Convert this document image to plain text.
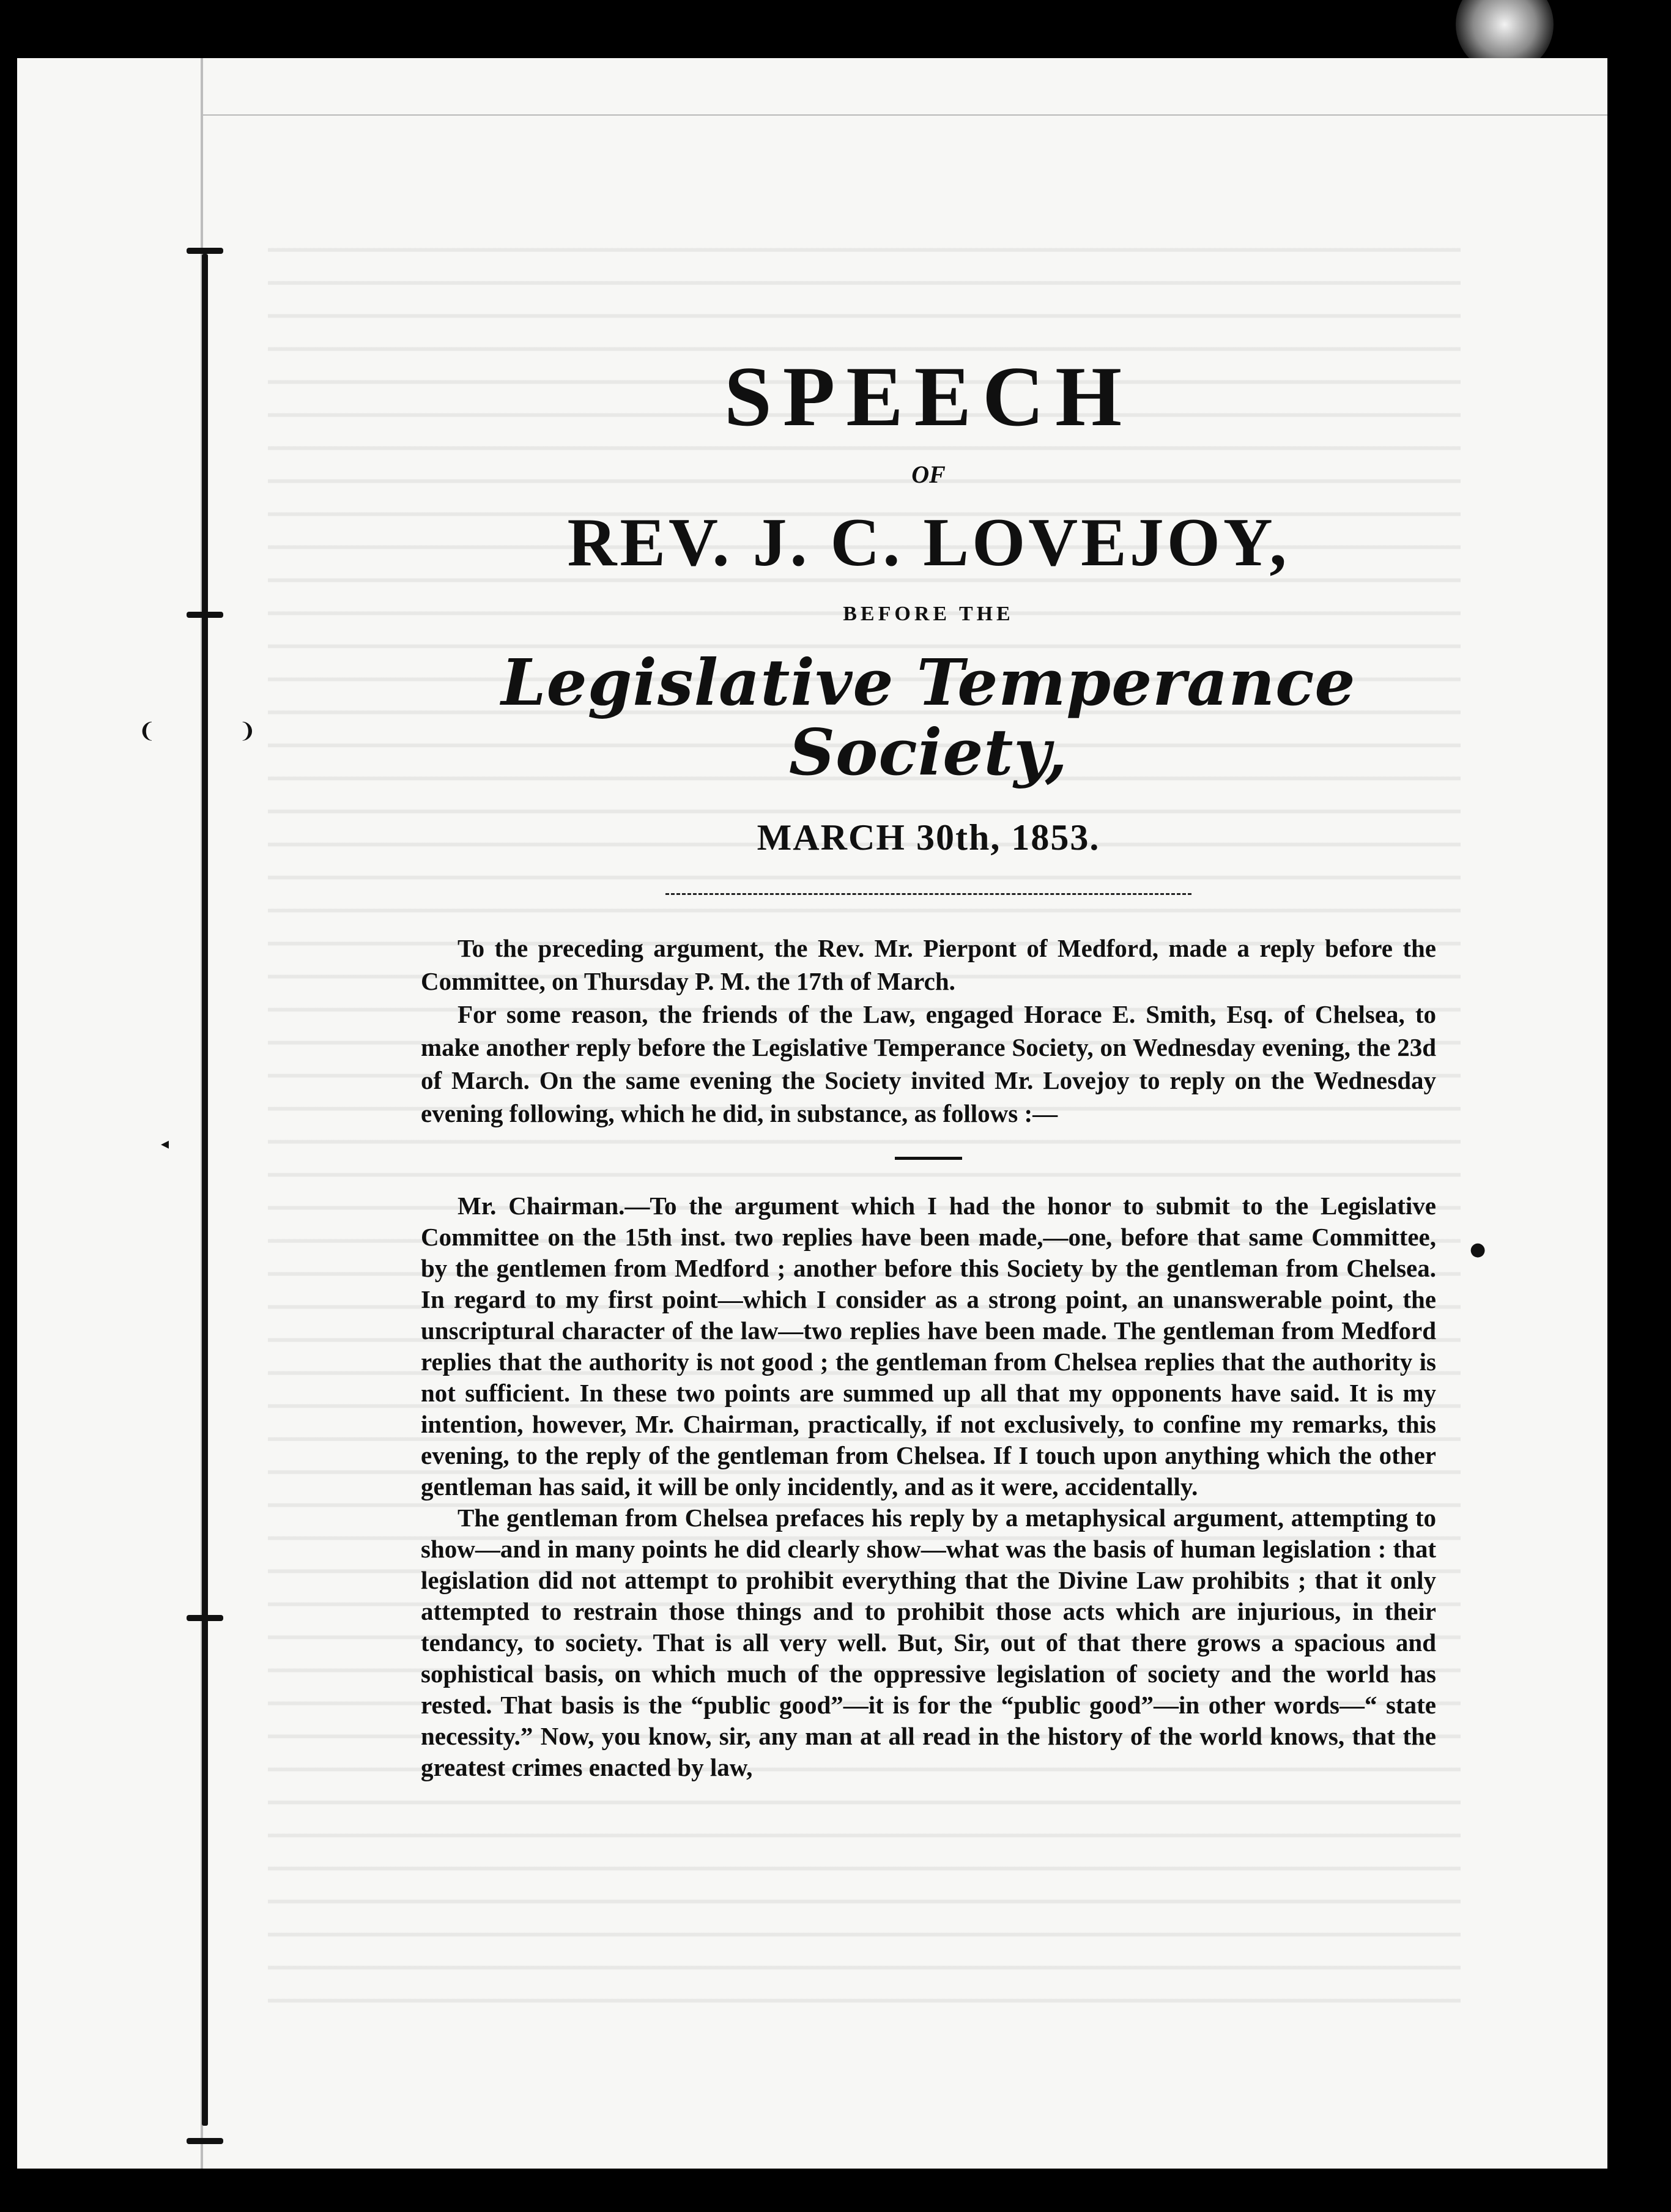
❨	❩
◂
●
SPEECH
OF
REV. J. C. LOVEJOY,
BEFORE THE
Legislative Temperance Society,
MARCH 30th, 1853.

To the preceding argument, the Rev. Mr. Pierpont of Medford, made a reply before the Committee, on Thursday P. M. the 17th of March.

For some reason, the friends of the Law, engaged Horace E. Smith, Esq. of Chelsea, to make another reply before the Legislative Temperance Society, on Wednesday evening, the 23d of March. On the same evening the Society invited Mr. Lovejoy to reply on the Wednesday evening following, which he did, in substance, as follows :—

Mr. Chairman.—To the argument which I had the honor to submit to the Legislative Committee on the 15th inst. two replies have been made,—one, before that same Committee, by the gentlemen from Medford ; another before this Society by the gentleman from Chelsea. In regard to my first point—which I consider as a strong point, an unanswerable point, the unscriptural character of the law—two replies have been made. The gentleman from Medford replies that the authority is not good ; the gentleman from Chelsea replies that the authority is not sufficient. In these two points are summed up all that my opponents have said. It is my intention, however, Mr. Chairman, practically, if not exclusively, to confine my remarks, this evening, to the reply of the gentleman from Chelsea. If I touch upon anything which the other gentleman has said, it will be only incidently, and as it were, accidentally.

The gentleman from Chelsea prefaces his reply by a metaphysical argument, attempting to show—and in many points he did clearly show—what was the basis of human legislation : that legislation did not attempt to prohibit everything that the Divine Law prohibits ; that it only attempted to restrain those things and to prohibit those acts which are injurious, in their tendancy, to society. That is all very well. But, Sir, out of that there grows a spacious and sophistical basis, on which much of the oppressive legislation of society and the world has rested. That basis is the “public good”—it is for the “public good”—in other words—“ state necessity.” Now, you know, sir, any man at all read in the history of the world knows, that the greatest crimes enacted by law,
